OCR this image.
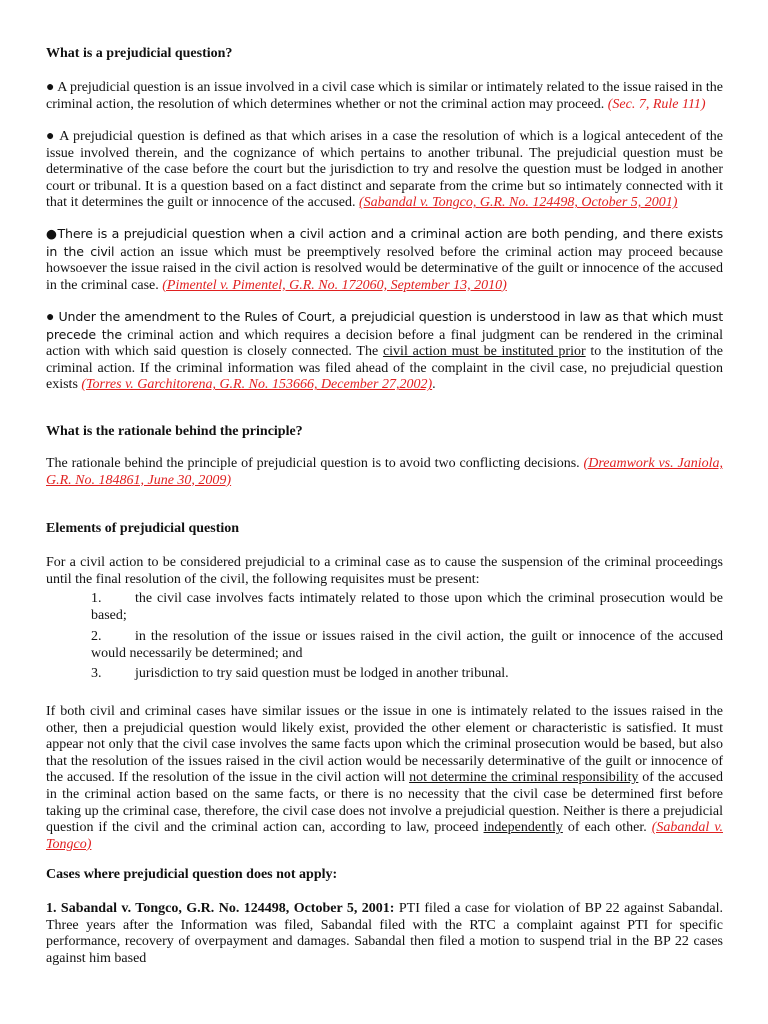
What is a prejudicial question?

● A prejudicial question is an issue involved in a civil case which is similar or intimately related to the issue raised in the criminal action, the resolution of which determines whether or not the criminal action may proceed. (Sec. 7, Rule 111)

● A prejudicial question is defined as that which arises in a case the resolution of which is a logical antecedent of the issue involved therein, and the cognizance of which pertains to another tribunal. The prejudicial question must be determinative of the case before the court but the jurisdiction to try and resolve the question must be lodged in another court or tribunal. It is a question based on a fact distinct and separate from the crime but so intimately connected with it that it determines the guilt or innocence of the accused. (Sabandal v. Tongco, G.R. No. 124498, October 5, 2001)

●There is a prejudicial question when a civil action and a criminal action are both pending, and there exists in the civil action an issue which must be preemptively resolved before the criminal action may proceed because howsoever the issue raised in the civil action is resolved would be determinative of the guilt or innocence of the accused in the criminal case. (Pimentel v. Pimentel, G.R. No. 172060, September 13, 2010)

● Under the amendment to the Rules of Court, a prejudicial question is understood in law as that which must precede the criminal action and which requires a decision before a final judgment can be rendered in the criminal action with which said question is closely connected. The civil action must be instituted prior to the institution of the criminal action. If the criminal information was filed ahead of the complaint in the civil case, no prejudicial question exists (Torres v. Garchitorena, G.R. No. 153666, December 27,2002).

What is the rationale behind the principle?

The rationale behind the principle of prejudicial question is to avoid two conflicting decisions. (Dreamwork vs. Janiola, G.R. No. 184861, June 30, 2009)

Elements of prejudicial question

For a civil action to be considered prejudicial to a criminal case as to cause the suspension of the criminal proceedings until the final resolution of the civil, the following requisites must be present:

1. the civil case involves facts intimately related to those upon which the criminal prosecution would be based;

2. in the resolution of the issue or issues raised in the civil action, the guilt or innocence of the accused would necessarily be determined; and

3. jurisdiction to try said question must be lodged in another tribunal.

If both civil and criminal cases have similar issues or the issue in one is intimately related to the issues raised in the other, then a prejudicial question would likely exist, provided the other element or characteristic is satisfied. It must appear not only that the civil case involves the same facts upon which the criminal prosecution would be based, but also that the resolution of the issues raised in the civil action would be necessarily determinative of the guilt or innocence of the accused. If the resolution of the issue in the civil action will not determine the criminal responsibility of the accused in the criminal action based on the same facts, or there is no necessity that the civil case be determined first before taking up the criminal case, therefore, the civil case does not involve a prejudicial question. Neither is there a prejudicial question if the civil and the criminal action can, according to law, proceed independently of each other. (Sabandal v. Tongco)

Cases where prejudicial question does not apply:

1. Sabandal v. Tongco, G.R. No. 124498, October 5, 2001: PTI filed a case for violation of BP 22 against Sabandal. Three years after the Information was filed, Sabandal filed with the RTC a complaint against PTI for specific performance, recovery of overpayment and damages. Sabandal then filed a motion to suspend trial in the BP 22 cases against him based
